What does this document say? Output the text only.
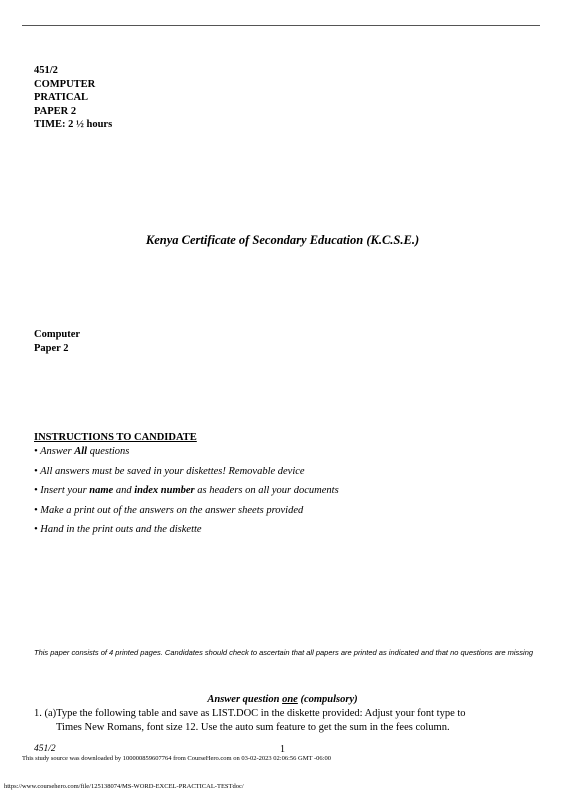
451/2
COMPUTER
PRATICAL
PAPER 2
TIME: 2 ½ hours
Kenya Certificate of Secondary Education (K.C.S.E.)
Computer
Paper 2
INSTRUCTIONS TO CANDIDATE
• Answer All questions
• All answers must be saved in your diskettes! Removable device
• Insert your name and index number as headers on all your documents
• Make a print out of the answers on the answer sheets provided
• Hand in the print outs and the diskette
This paper consists of 4 printed pages. Candidates should check to ascertain that all papers are printed as indicated and that no questions are missing
Answer question one (compulsory)
1. (a)Type the following table and save as LIST.DOC in the diskette provided: Adjust your font type to
Times New Romans, font size 12. Use the auto sum feature to get the sum in the fees column.
451/2	1
This study source was downloaded by 100000859607764 from CourseHero.com on 03-02-2023 02:06:56 GMT -06:00
https://www.coursehero.com/file/125138074/MS-WORD-EXCEL-PRACTICAL-TESTdoc/
